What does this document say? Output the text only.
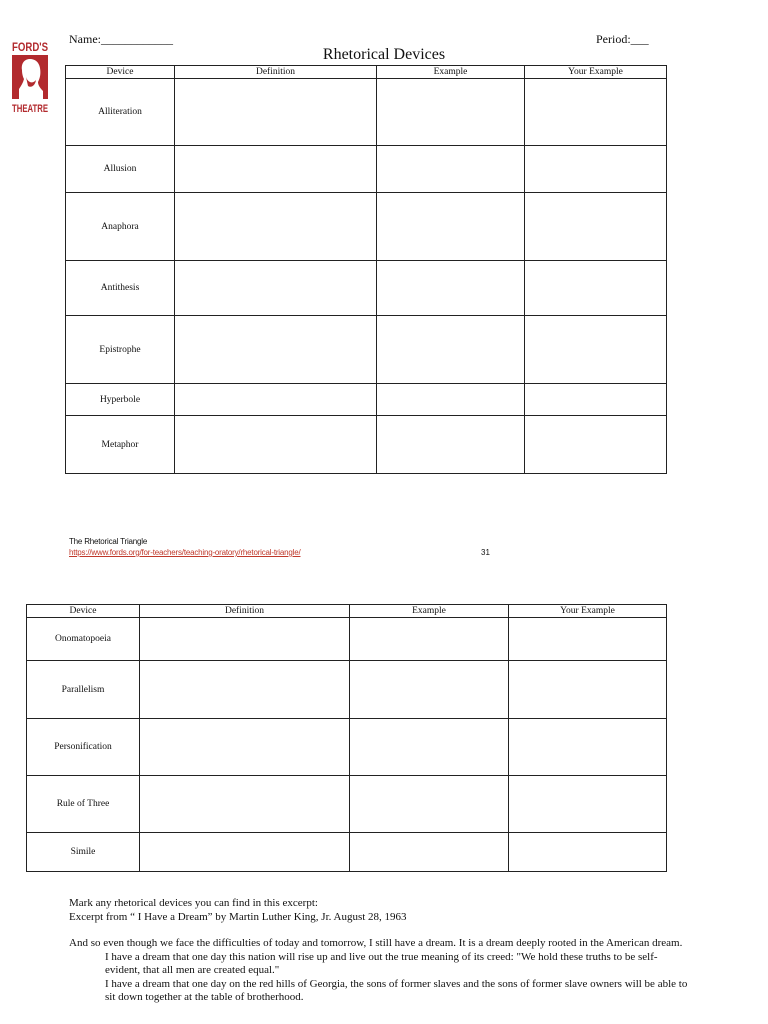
FORD'S
THEATRE
Name:____________	Period:___
Rhetorical Devices
Device	Definition	Example	Your Example
Alliteration			
Allusion			
Anaphora			
Antithesis			
Epistrophe			
Hyperbole			
Metaphor			
The Rhetorical Triangle
https://www.fords.org/for-teachers/teaching-oratory/rhetorical-triangle/	31
Device	Definition	Example	Your Example
Onomatopoeia			
Parallelism			
Personification			
Rule of Three			
Simile			

Mark any rhetorical devices you can find in this excerpt:

Excerpt from “ I Have a Dream” by Martin Luther King, Jr. August 28, 1963

And so even though we face the difficulties of today and tomorrow, I still have a dream. It is a dream deeply rooted in the American dream.

I have a dream that one day this nation will rise up and live out the true meaning of its creed: "We hold these truths to be self-evident, that all men are created equal."

I have a dream that one day on the red hills of Georgia, the sons of former slaves and the sons of former slave owners will be able to sit down together at the table of brotherhood.
